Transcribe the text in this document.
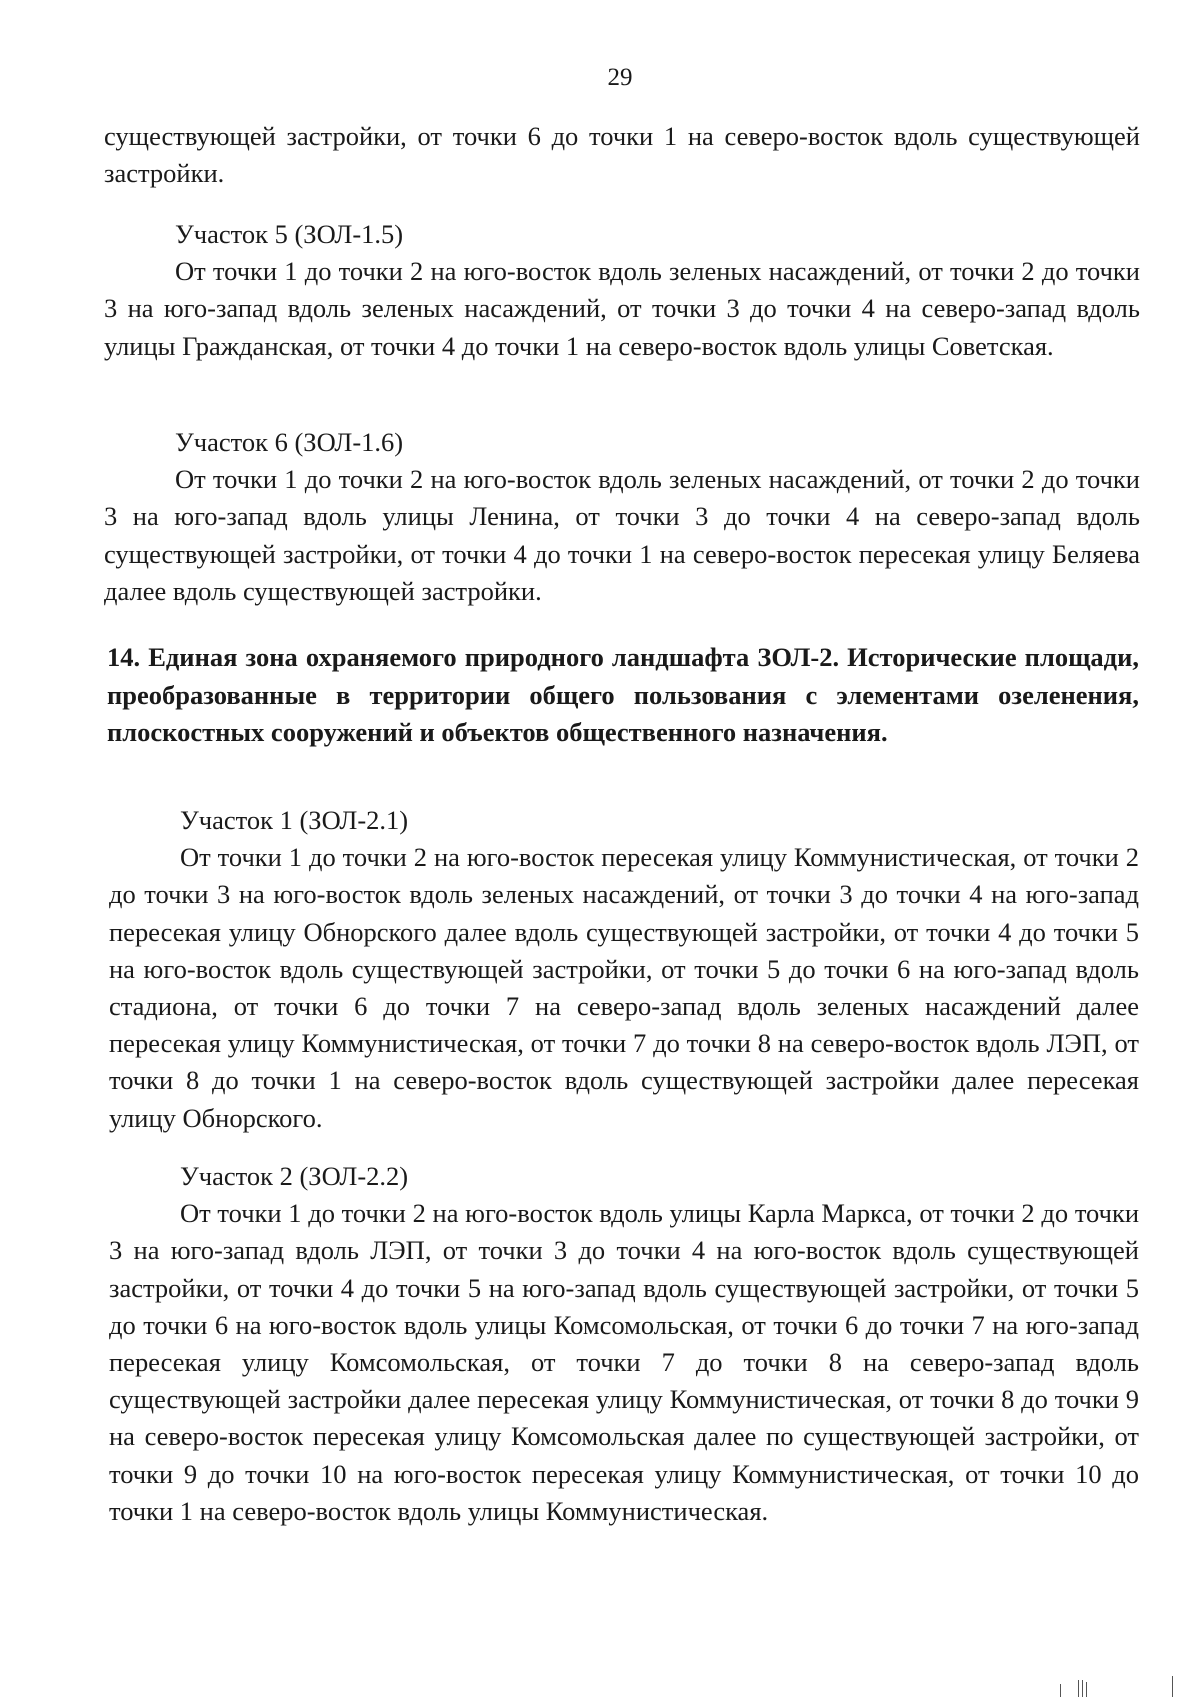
29

существующей застройки, от точки 6 до точки 1 на северо-восток вдоль существующей застройки.

Участок 5 (ЗОЛ-1.5)

От точки 1 до точки 2 на юго-восток вдоль зеленых насаждений, от точки 2 до точки 3 на юго-запад вдоль зеленых насаждений, от точки 3 до точки 4 на северо-запад вдоль улицы Гражданская, от точки 4 до точки 1 на северо-восток вдоль улицы Советская.

Участок 6 (ЗОЛ-1.6)

От точки 1 до точки 2 на юго-восток вдоль зеленых насаждений, от точки 2 до точки 3 на юго-запад вдоль улицы Ленина, от точки 3 до точки 4 на северо-запад вдоль существующей застройки, от точки 4 до точки 1 на северо-восток пересекая улицу Беляева далее вдоль существующей застройки.

14. Единая зона охраняемого природного ландшафта ЗОЛ-2. Исторические площади, преобразованные в территории общего пользования с элементами озеленения, плоскостных сооружений и объектов общественного назначения.

Участок 1 (ЗОЛ-2.1)

От точки 1 до точки 2 на юго-восток пересекая улицу Коммунистическая, от точки 2 до точки 3 на юго-восток вдоль зеленых насаждений, от точки 3 до точки 4 на юго-запад пересекая улицу Обнорского далее вдоль существующей застройки, от точки 4 до точки 5 на юго-восток вдоль существующей застройки, от точки 5 до точки 6 на юго-запад вдоль стадиона, от точки 6 до точки 7 на северо-запад вдоль зеленых насаждений далее пересекая улицу Коммунистическая, от точки 7 до точки 8 на северо-восток вдоль ЛЭП, от точки 8 до точки 1 на северо-восток вдоль существующей застройки далее пересекая улицу Обнорского.

Участок 2 (ЗОЛ-2.2)

От точки 1 до точки 2 на юго-восток вдоль улицы Карла Маркса, от точки 2 до точки 3 на юго-запад вдоль ЛЭП, от точки 3 до точки 4 на юго-восток вдоль существующей застройки, от точки 4 до точки 5 на юго-запад вдоль существующей застройки, от точки 5 до точки 6 на юго-восток вдоль улицы Комсомольская, от точки 6 до точки 7 на юго-запад пересекая улицу Комсомольская, от точки 7 до точки 8 на северо-запад вдоль существующей застройки далее пересекая улицу Коммунистическая, от точки 8 до точки 9 на северо-восток пересекая улицу Комсомольская далее по существующей застройки, от точки 9 до точки 10 на юго-восток пересекая улицу Коммунистическая, от точки 10 до точки 1 на северо-восток вдоль улицы Коммунистическая.
